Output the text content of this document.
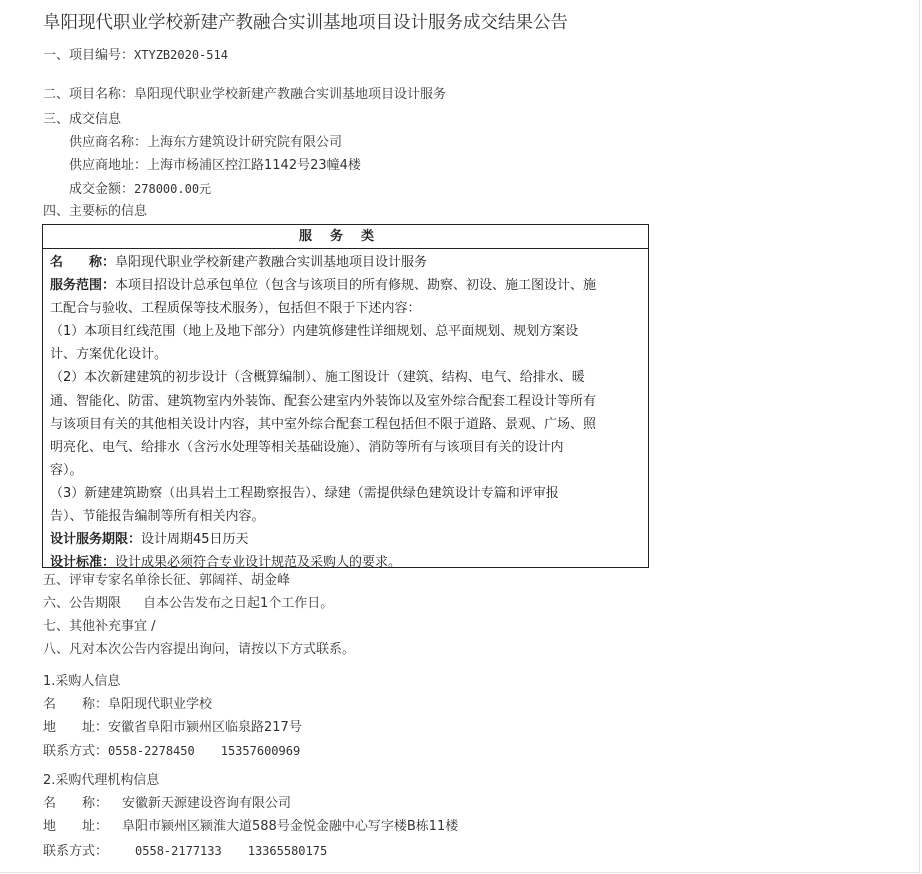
阜阳现代职业学校新建产教融合实训基地项目设计服务成交结果公告
一、项目编号：XTYZB2020-514
二、项目名称：阜阳现代职业学校新建产教融合实训基地项目设计服务
三、成交信息
供应商名称：上海东方建筑设计研究院有限公司
供应商地址：上海市杨浦区控江路1142号23幢4楼
成交金额：278000.00元
四、主要标的信息
服务类

名　　称：阜阳现代职业学校新建产教融合实训基地项目设计服务

服务范围：本项目招设计总承包单位（包含与该项目的所有修规、勘察、初设、施工图设计、施

工配合与验收、工程质保等技术服务），包括但不限于下述内容：

（1）本项目红线范围（地上及地下部分）内建筑修建性详细规划、总平面规划、规划方案设

计、方案优化设计。

（2）本次新建建筑的初步设计（含概算编制）、施工图设计（建筑、结构、电气、给排水、暖

通、智能化、防雷、建筑物室内外装饰、配套公建室内外装饰以及室外综合配套工程设计等所有

与该项目有关的其他相关设计内容，其中室外综合配套工程包括但不限于道路、景观、广场、照

明亮化、电气、给排水（含污水处理等相关基础设施）、消防等所有与该项目有关的设计内

容）。

（3）新建建筑勘察（出具岩土工程勘察报告）、绿建（需提供绿色建筑设计专篇和评审报

告）、节能报告编制等所有相关内容。

设计服务期限：设计周期45日历天

设计标准：设计成果必须符合专业设计规范及采购人的要求。

五、评审专家名单徐长征、郭阔祥、胡金峰
六、公告期限 自本公告发布之日起1个工作日。
七、其他补充事宜 /
八、凡对本次公告内容提出询问，请按以下方式联系。
1.采购人信息
名　　称：阜阳现代职业学校
地　　址：安徽省阜阳市颍州区临泉路217号
联系方式：0558-2278450 15357600969
2.采购代理机构信息
名　　称： 安徽新天源建设咨询有限公司
地　　址： 阜阳市颍州区颍淮大道588号金悦金融中心写字楼B栋11楼
联系方式： 0558-2177133 13365580175
